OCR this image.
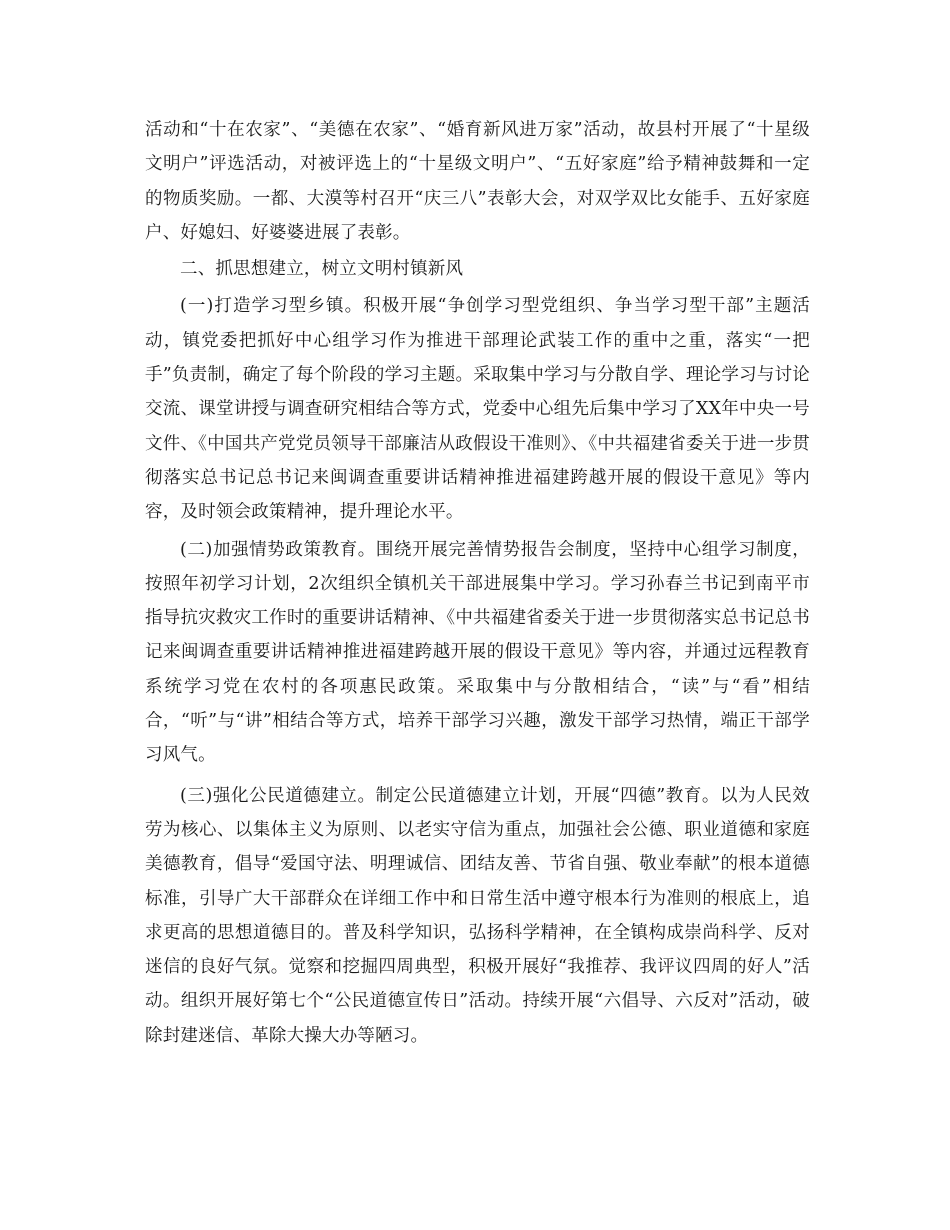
活动和“十在农家”、“美德在农家”、“婚育新风进万家”活动，故县村开展了“十星级文明户”评选活动，对被评选上的“十星级文明户”、“五好家庭”给予精神鼓舞和一定的物质奖励。一都、大漠等村召开“庆三八”表彰大会，对双学双比女能手、五好家庭户、好媳妇、好婆婆进展了表彰。

二、抓思想建立，树立文明村镇新风

(一)打造学习型乡镇。积极开展“争创学习型党组织、争当学习型干部”主题活动，镇党委把抓好中心组学习作为推进干部理论武装工作的重中之重，落实“一把手”负责制，确定了每个阶段的学习主题。采取集中学习与分散自学、理论学习与讨论交流、课堂讲授与调查研究相结合等方式，党委中心组先后集中学习了XX年中央一号文件、《中国共产党党员领导干部廉洁从政假设干准则》、《中共福建省委关于进一步贯彻落实总书记总书记来闽调查重要讲话精神推进福建跨越开展的假设干意见》等内容，及时领会政策精神，提升理论水平。

(二)加强情势政策教育。围绕开展完善情势报告会制度，坚持中心组学习制度，按照年初学习计划，2次组织全镇机关干部进展集中学习。学习孙春兰书记到南平市指导抗灾救灾工作时的重要讲话精神、《中共福建省委关于进一步贯彻落实总书记总书记来闽调查重要讲话精神推进福建跨越开展的假设干意见》等内容，并通过远程教育系统学习党在农村的各项惠民政策。采取集中与分散相结合，“读”与“看”相结合，“听”与“讲”相结合等方式，培养干部学习兴趣，激发干部学习热情，端正干部学习风气。

(三)强化公民道德建立。制定公民道德建立计划，开展“四德”教育。以为人民效劳为核心、以集体主义为原则、以老实守信为重点，加强社会公德、职业道德和家庭美德教育，倡导“爱国守法、明理诚信、团结友善、节省自强、敬业奉献”的根本道德标准，引导广大干部群众在详细工作中和日常生活中遵守根本行为准则的根底上，追求更高的思想道德目的。普及科学知识，弘扬科学精神，在全镇构成崇尚科学、反对迷信的良好气氛。觉察和挖掘四周典型，积极开展好“我推荐、我评议四周的好人”活动。组织开展好第七个“公民道德宣传日”活动。持续开展“六倡导、六反对”活动，破除封建迷信、革除大操大办等陋习。
